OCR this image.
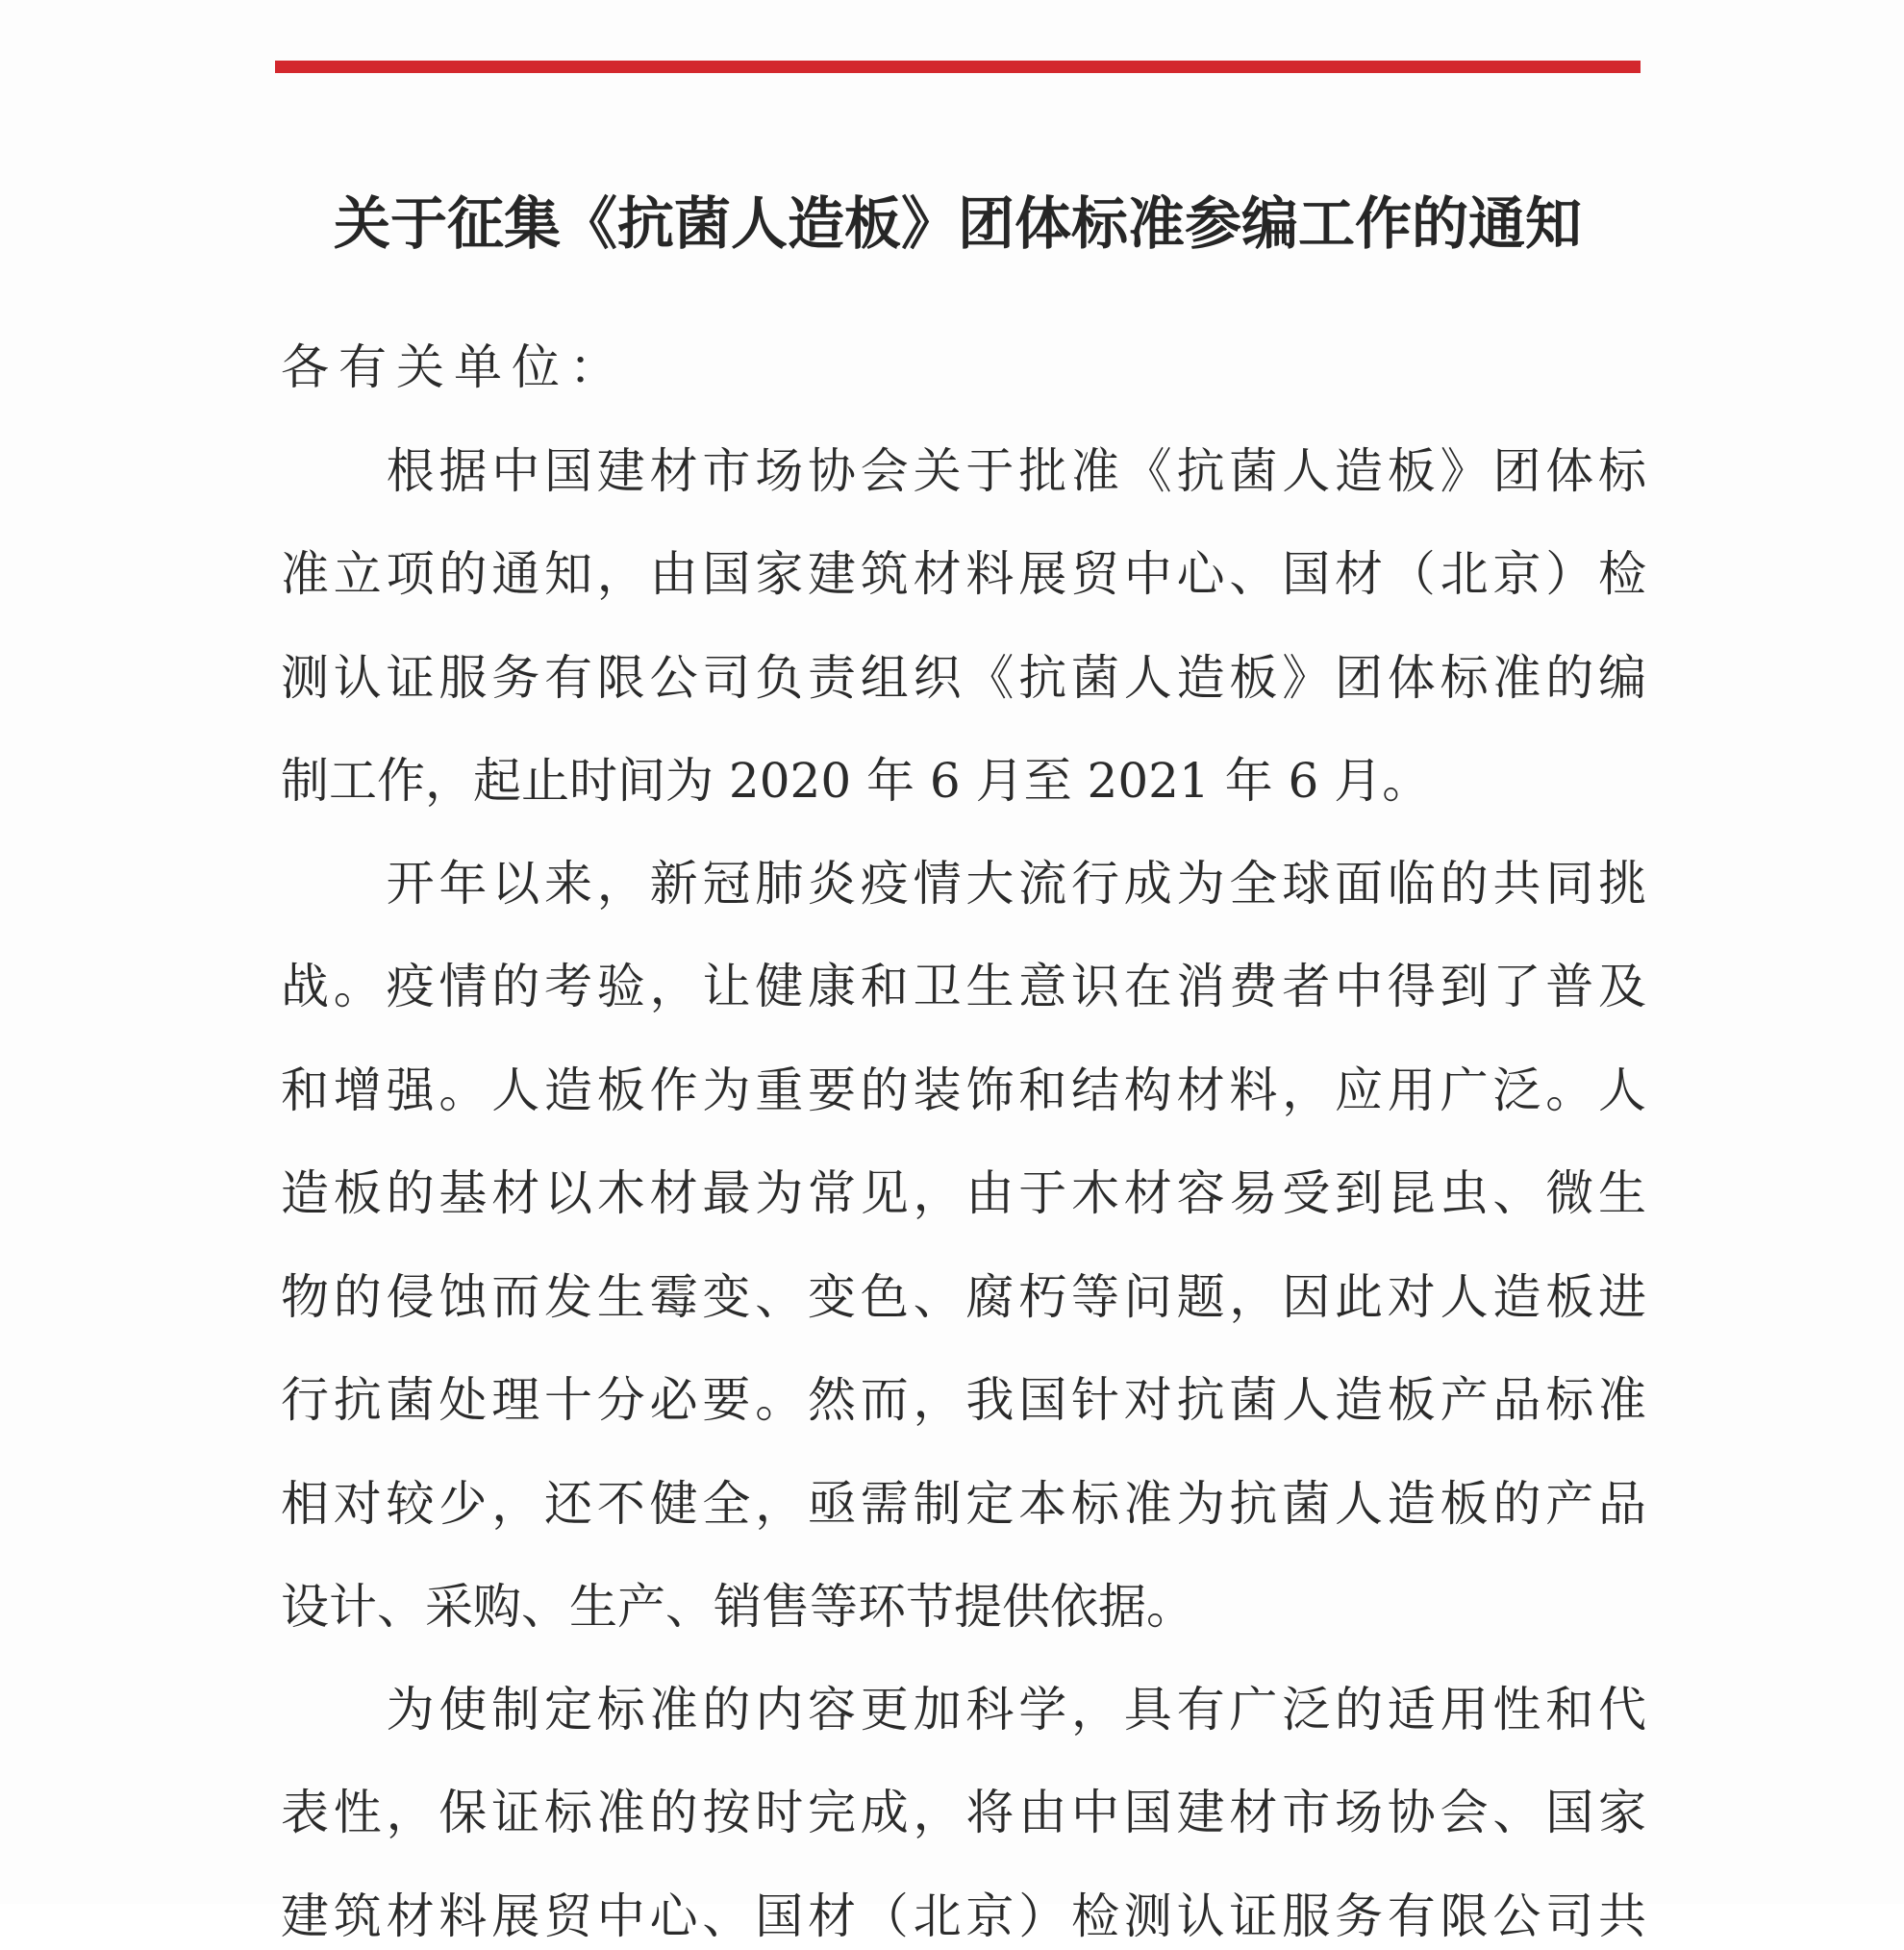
关于征集《抗菌人造板》团体标准参编工作的通知
各有关单位：
　　根据中国建材市场协会关于批准《抗菌人造板》团体标
准立项的通知，由国家建筑材料展贸中心、国材（北京）检
测认证服务有限公司负责组织《抗菌人造板》团体标准的编
制工作，起止时间为 2020 年 6 月至 2021 年 6 月。
　　开年以来，新冠肺炎疫情大流行成为全球面临的共同挑
战。疫情的考验，让健康和卫生意识在消费者中得到了普及
和增强。人造板作为重要的装饰和结构材料，应用广泛。人
造板的基材以木材最为常见，由于木材容易受到昆虫、微生
物的侵蚀而发生霉变、变色、腐朽等问题，因此对人造板进
行抗菌处理十分必要。然而，我国针对抗菌人造板产品标准
相对较少，还不健全，亟需制定本标准为抗菌人造板的产品
设计、采购、生产、销售等环节提供依据。
　　为使制定标准的内容更加科学，具有广泛的适用性和代
表性，保证标准的按时完成，将由中国建材市场协会、国家
建筑材料展贸中心、国材（北京）检测认证服务有限公司共
